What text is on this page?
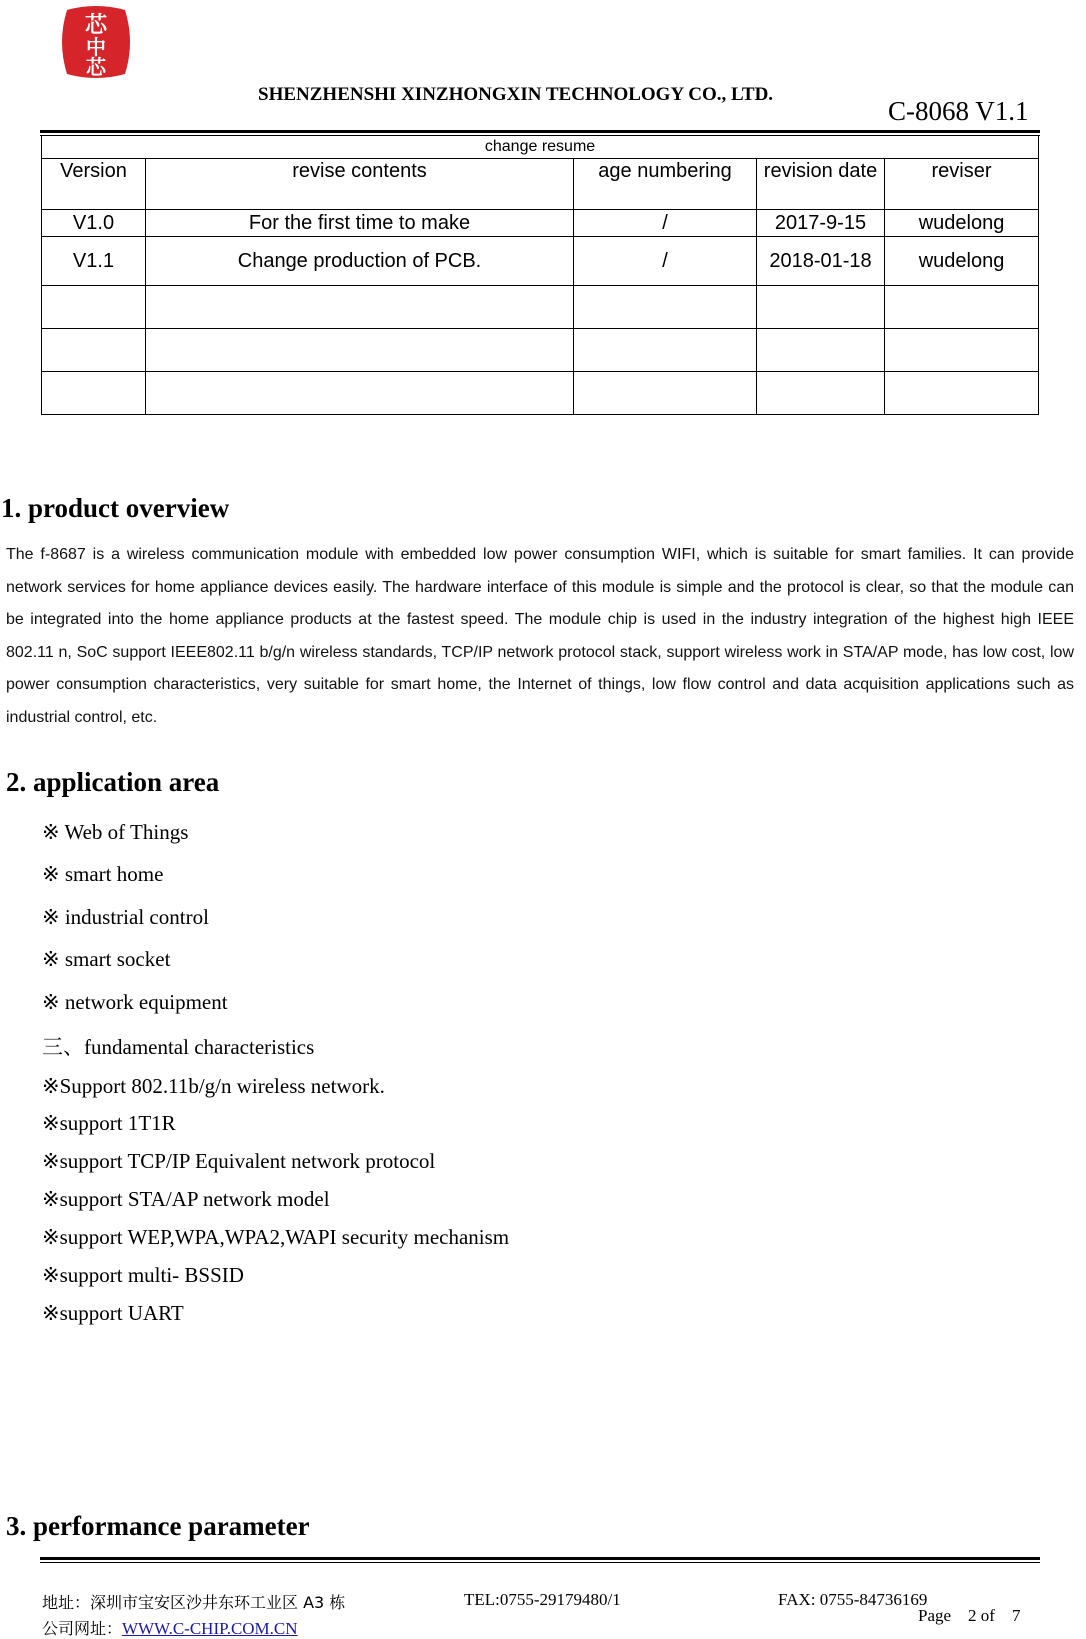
芯
中
芯
SHENZHENSHI XINZHONGXIN TECHNOLOGY CO., LTD.
C-8068 V1.1
change resume				
Version	revise contents	age numbering	revision date	reviser
V1.0	For the first time to make	/	2017-9-15	wudelong
V1.1	Change production of PCB.	/	2018-01-18	wudelong

1. product overview
The f-8687 is a wireless communication module with embedded low power consumption WIFI, which is suitable for smart families. It can provide network services for home appliance devices easily. The hardware interface of this module is simple and the protocol is clear, so that the module can be integrated into the home appliance products at the fastest speed. The module chip is used in the industry integration of the highest high IEEE 802.11 n, SoC support IEEE802.11 b/g/n wireless standards, TCP/IP network protocol stack, support wireless work in STA/AP mode, has low cost, low power consumption characteristics, very suitable for smart home, the Internet of things, low flow control and data acquisition applications such as industrial control, etc.
2. application area
※ Web of Things
※ smart home
※ industrial control
※ smart socket
※ network equipment
三、fundamental characteristics
※Support 802.11b/g/n wireless network.
※support 1T1R
※support TCP/IP Equivalent network protocol
※support STA/AP network model
※support WEP,WPA,WPA2,WAPI security mechanism
※support multi- BSSID
※support UART
3. performance parameter
地址：深圳市宝安区沙井东环工业区 A3 栋	TEL:0755-29179480/1	FAX: 0755-84736169
公司网址：WWW.C-CHIP.COM.CN
Page    2 of    7
